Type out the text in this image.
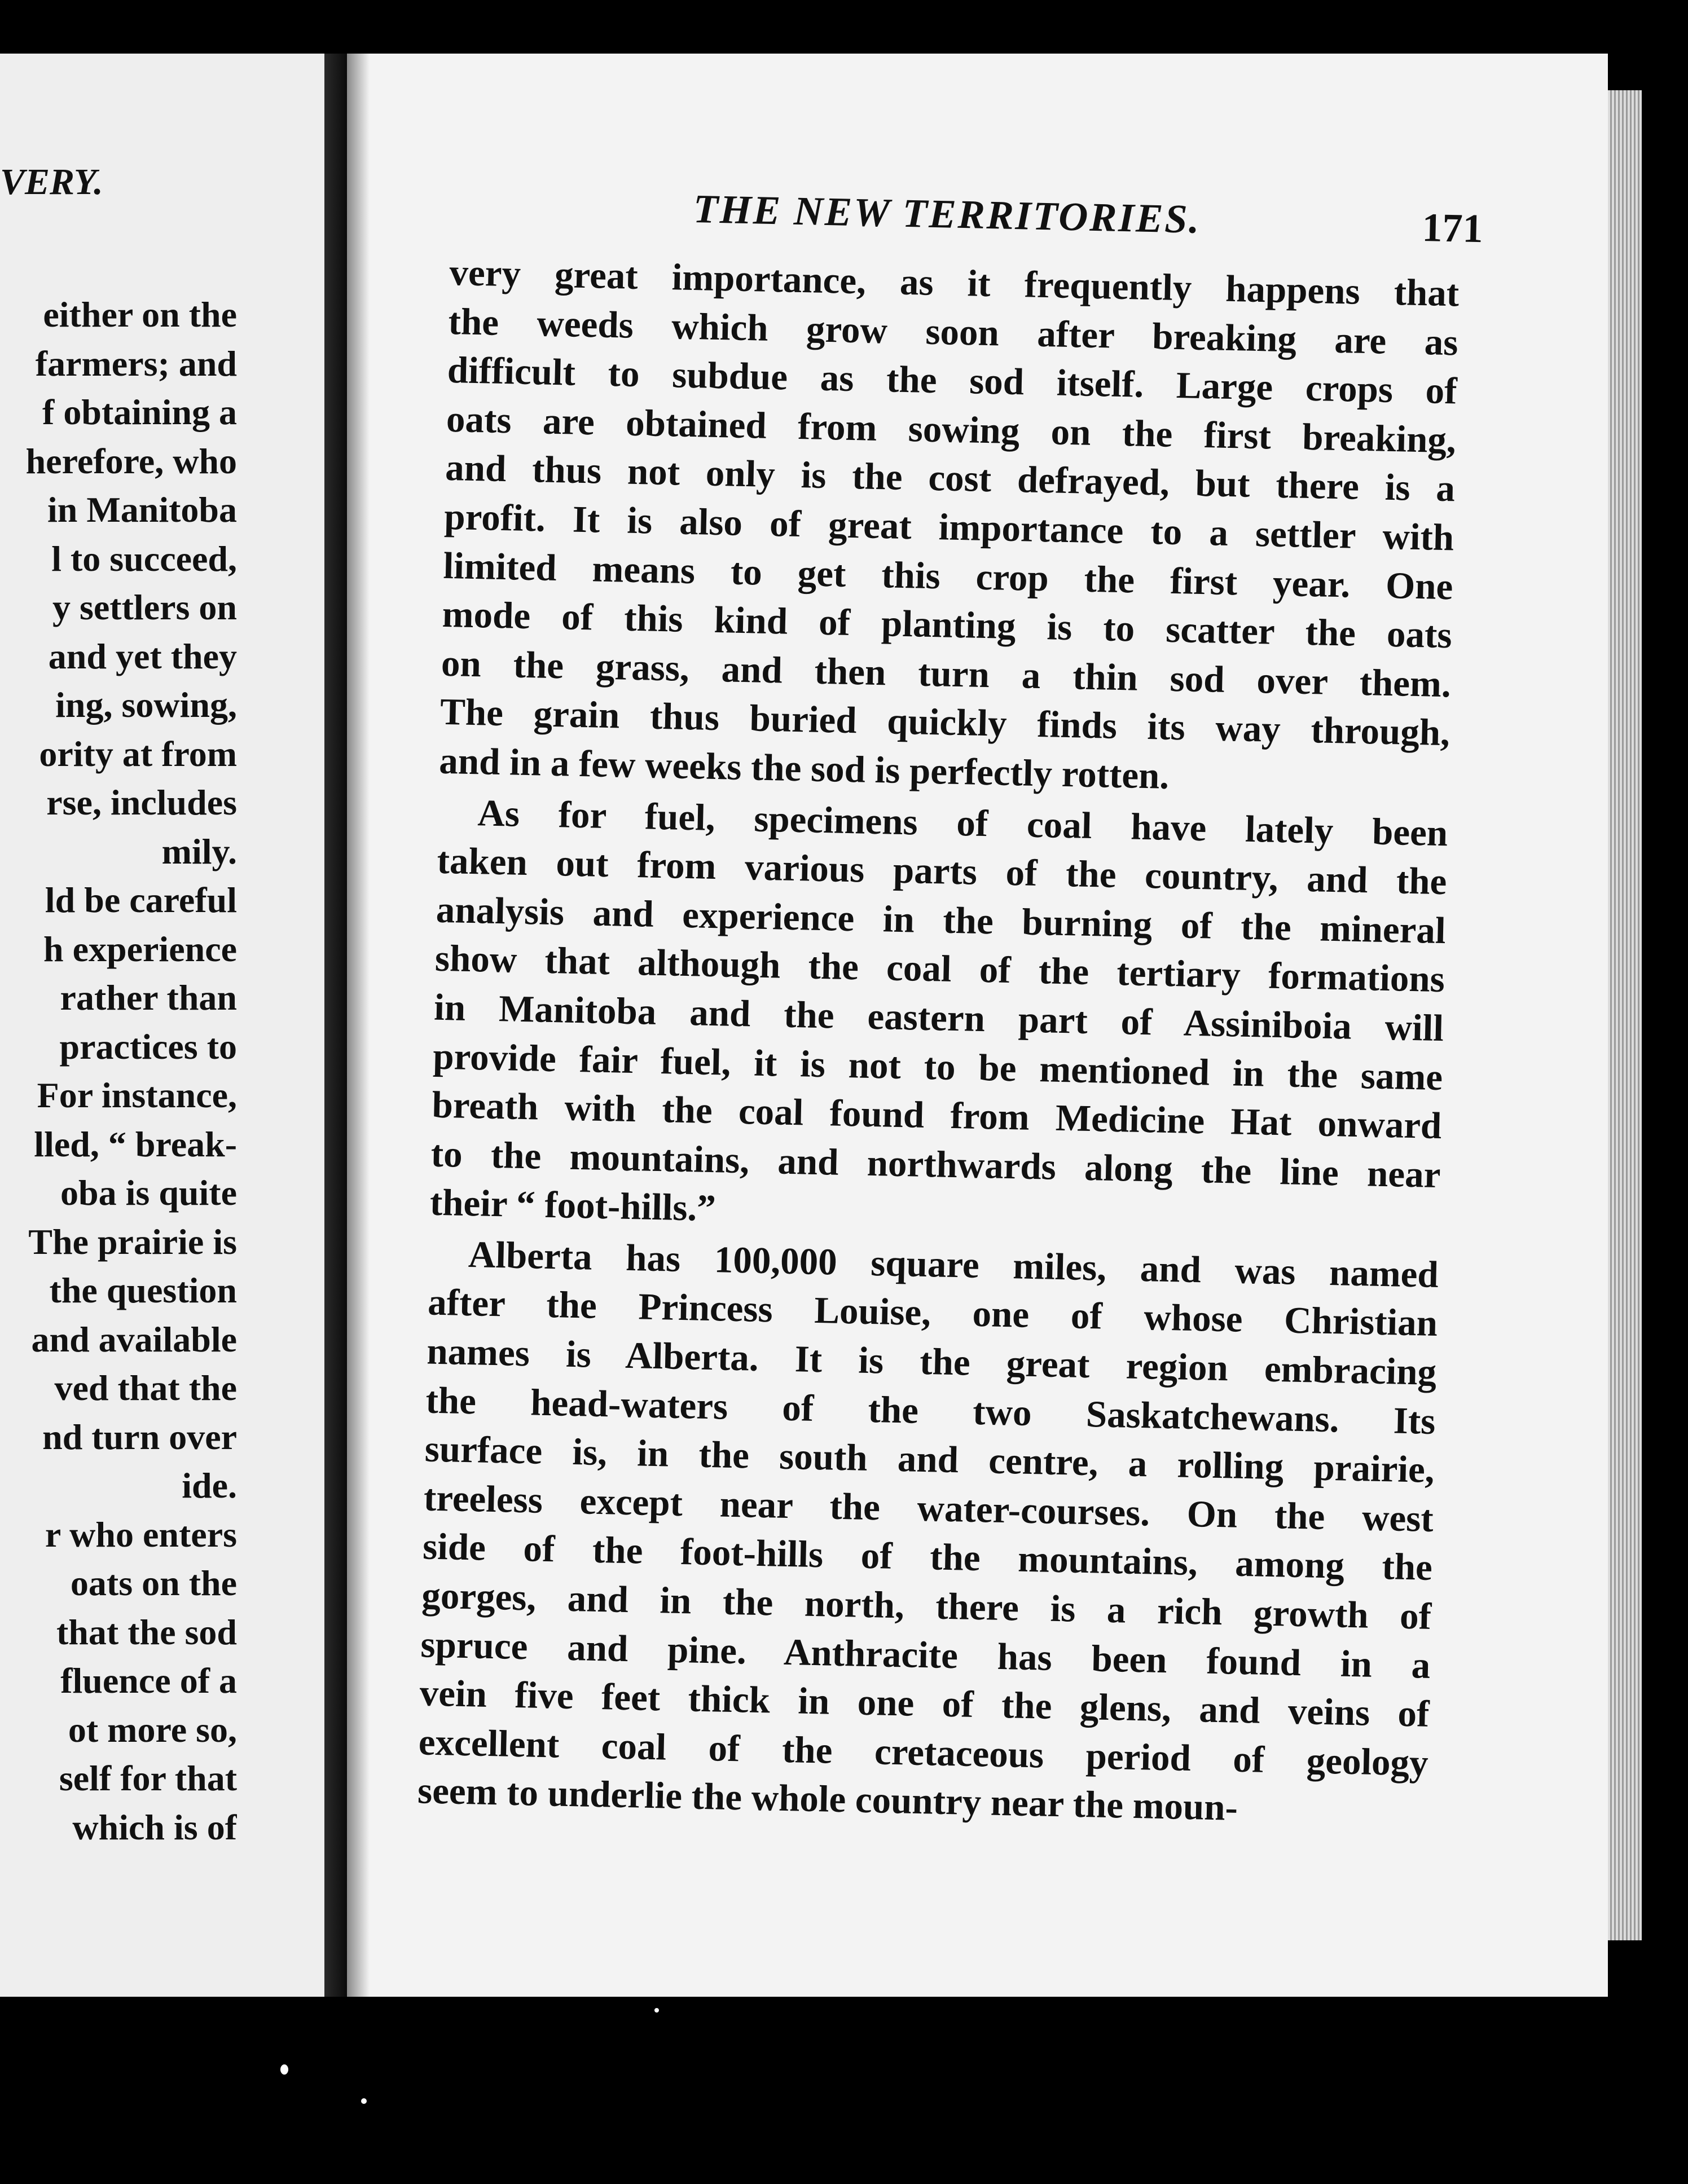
VERY.
either on the
farmers; and
f obtaining a
herefore, who
in Manitoba
l to succeed,
y settlers on
and yet they
ing, sowing,
ority at from
rse, includes
mily.
ld be careful
h experience
rather than
practices to
For instance,
lled, “ break-
oba is quite
The prairie is
the question
and available
ved that the
nd turn over
ide.
r who enters
oats on the
that the sod
fluence of a
ot more so,
self for that
which is of
THE NEW TERRITORIES.	171
very great importance, as it frequently happens that
the weeds which grow soon after breaking are as
difficult to subdue as the sod itself. Large crops of
oats are obtained from sowing on the first breaking,
and thus not only is the cost defrayed, but there is a
profit. It is also of great importance to a settler with
limited means to get this crop the first year. One
mode of this kind of planting is to scatter the oats
on the grass, and then turn a thin sod over them.
The grain thus buried quickly finds its way through,
and in a few weeks the sod is perfectly rotten.
As for fuel, specimens of coal have lately been
taken out from various parts of the country, and the
analysis and experience in the burning of the mineral
show that although the coal of the tertiary formations
in Manitoba and the eastern part of Assiniboia will
provide fair fuel, it is not to be mentioned in the same
breath with the coal found from Medicine Hat onward
to the mountains, and northwards along the line near
their “ foot-hills.”
Alberta has 100,000 square miles, and was named
after the Princess Louise, one of whose Christian
names is Alberta. It is the great region embracing
the head-waters of the two Saskatchewans. Its
surface is, in the south and centre, a rolling prairie,
treeless except near the water-courses. On the west
side of the foot-hills of the mountains, among the
gorges, and in the north, there is a rich growth of
spruce and pine. Anthracite has been found in a
vein five feet thick in one of the glens, and veins of
excellent coal of the cretaceous period of geology
seem to underlie the whole country near the moun-
